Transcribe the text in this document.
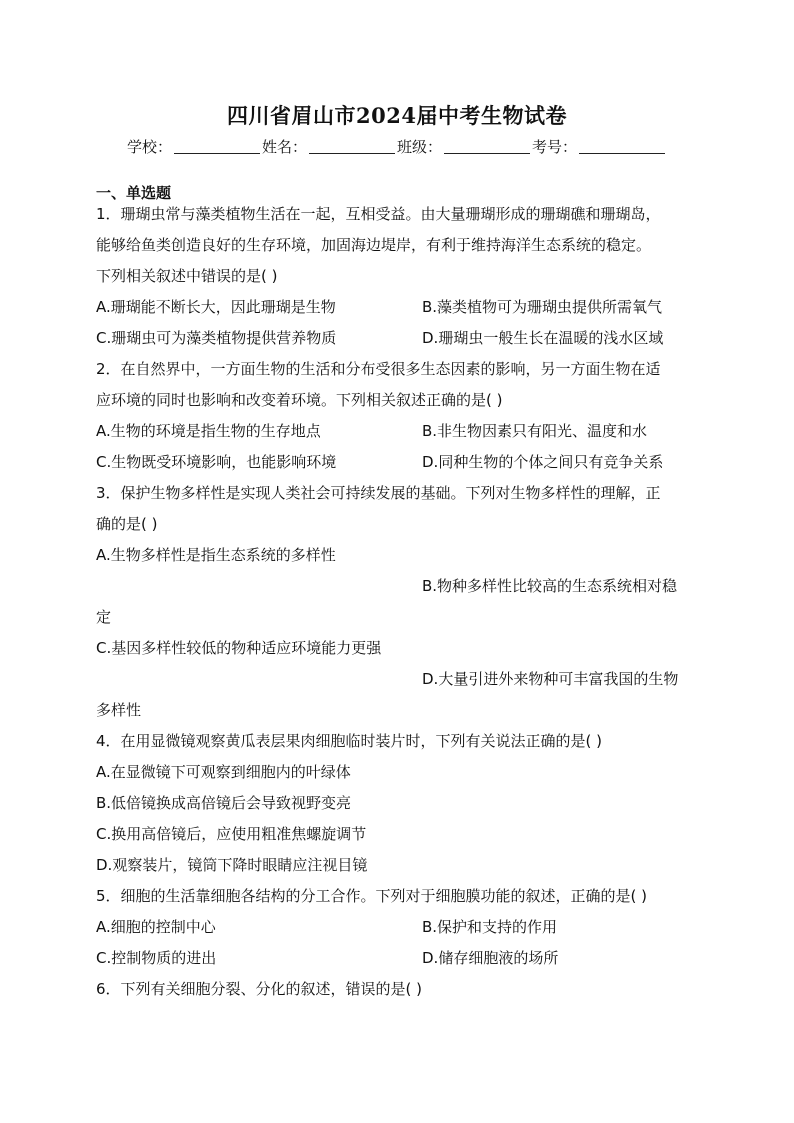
四川省眉山市2024届中考生物试卷
学校：	姓名：	班级：	考号：
一、单选题
1．珊瑚虫常与藻类植物生活在一起，互相受益。由大量珊瑚形成的珊瑚礁和珊瑚岛，
能够给鱼类创造良好的生存环境，加固海边堤岸，有利于维持海洋生态系统的稳定。
下列相关叙述中错误的是( )
A.珊瑚能不断长大，因此珊瑚是生物	B.藻类植物可为珊瑚虫提供所需氧气
C.珊瑚虫可为藻类植物提供营养物质	D.珊瑚虫一般生长在温暖的浅水区域
2．在自然界中，一方面生物的生活和分布受很多生态因素的影响，另一方面生物在适
应环境的同时也影响和改变着环境。下列相关叙述正确的是( )
A.生物的环境是指生物的生存地点	B.非生物因素只有阳光、温度和水
C.生物既受环境影响，也能影响环境	D.同种生物的个体之间只有竞争关系
3．保护生物多样性是实现人类社会可持续发展的基础。下列对生物多样性的理解，正
确的是( )
A.生物多样性是指生态系统的多样性
B.物种多样性比较高的生态系统相对稳
定
C.基因多样性较低的物种适应环境能力更强
D.大量引进外来物种可丰富我国的生物
多样性
4．在用显微镜观察黄瓜表层果肉细胞临时装片时，下列有关说法正确的是( )
A.在显微镜下可观察到细胞内的叶绿体
B.低倍镜换成高倍镜后会导致视野变亮
C.换用高倍镜后，应使用粗准焦螺旋调节
D.观察装片，镜筒下降时眼睛应注视目镜
5．细胞的生活靠细胞各结构的分工合作。下列对于细胞膜功能的叙述，正确的是( )
A.细胞的控制中心	B.保护和支持的作用
C.控制物质的进出	D.储存细胞液的场所
6．下列有关细胞分裂、分化的叙述，错误的是( )
